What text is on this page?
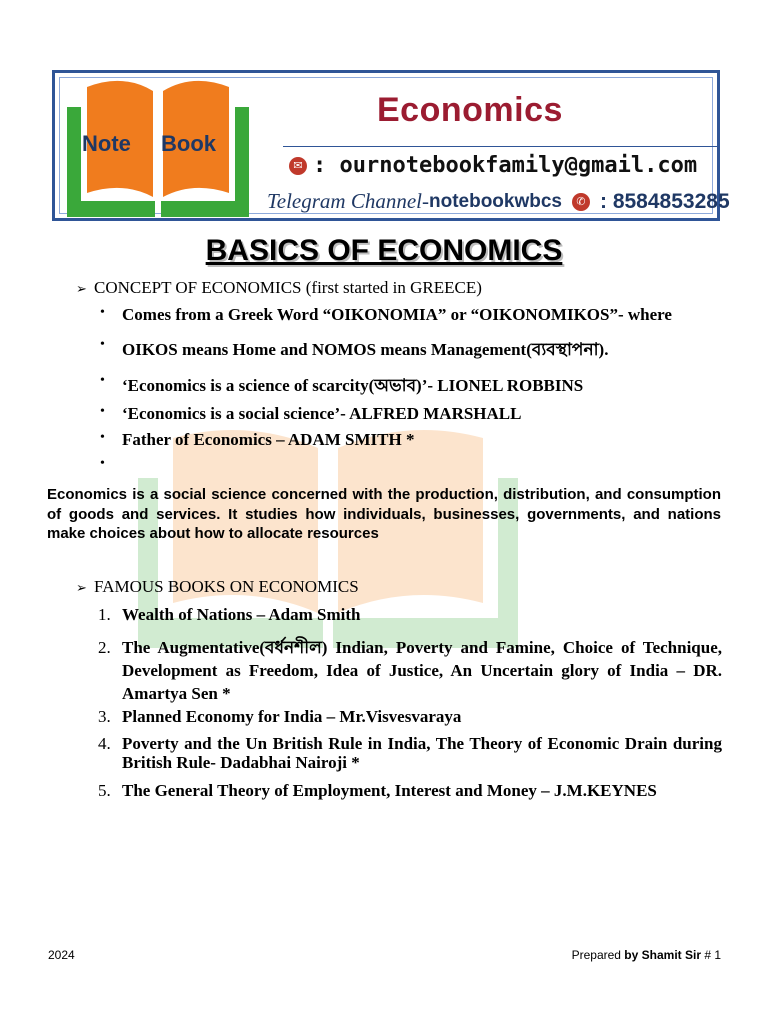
Note Book
Economics
✉ : ournotebookfamily@gmail.com
Telegram Channel- notebookwbcs	✆ : 8584853285
BASICS OF ECONOMICS
➢ CONCEPT OF ECONOMICS (first started in GREECE)
•	Comes from a Greek Word “OIKONOMIA” or “OIKONOMIKOS”- where
•	OIKOS means Home and NOMOS means Management(ব্যবস্থাপনা).
•	‘Economics is a science of scarcity(অভাব)’- LIONEL ROBBINS
•	‘Economics is a social science’- ALFRED MARSHALL
•	Father of Economics – ADAM SMITH *
•
Economics is a social science concerned with the production, distribution, and consumption of goods and services. It studies how individuals, businesses, governments, and nations make choices about how to allocate resources
➢ FAMOUS BOOKS ON ECONOMICS
1. Wealth of Nations – Adam Smith
2. The Augmentative(বর্ধনশীল) Indian, Poverty and Famine, Choice of Technique, Development as Freedom, Idea of Justice, An Uncertain glory of India – DR. Amartya Sen *
3. Planned Economy for India – Mr.Visvesvaraya
4. Poverty and the Un British Rule in India, The Theory of Economic Drain during British Rule- Dadabhai Nairoji *
5. The General Theory of Employment, Interest and Money – J.M.KEYNES
2024	Prepared by Shamit Sir # 1
